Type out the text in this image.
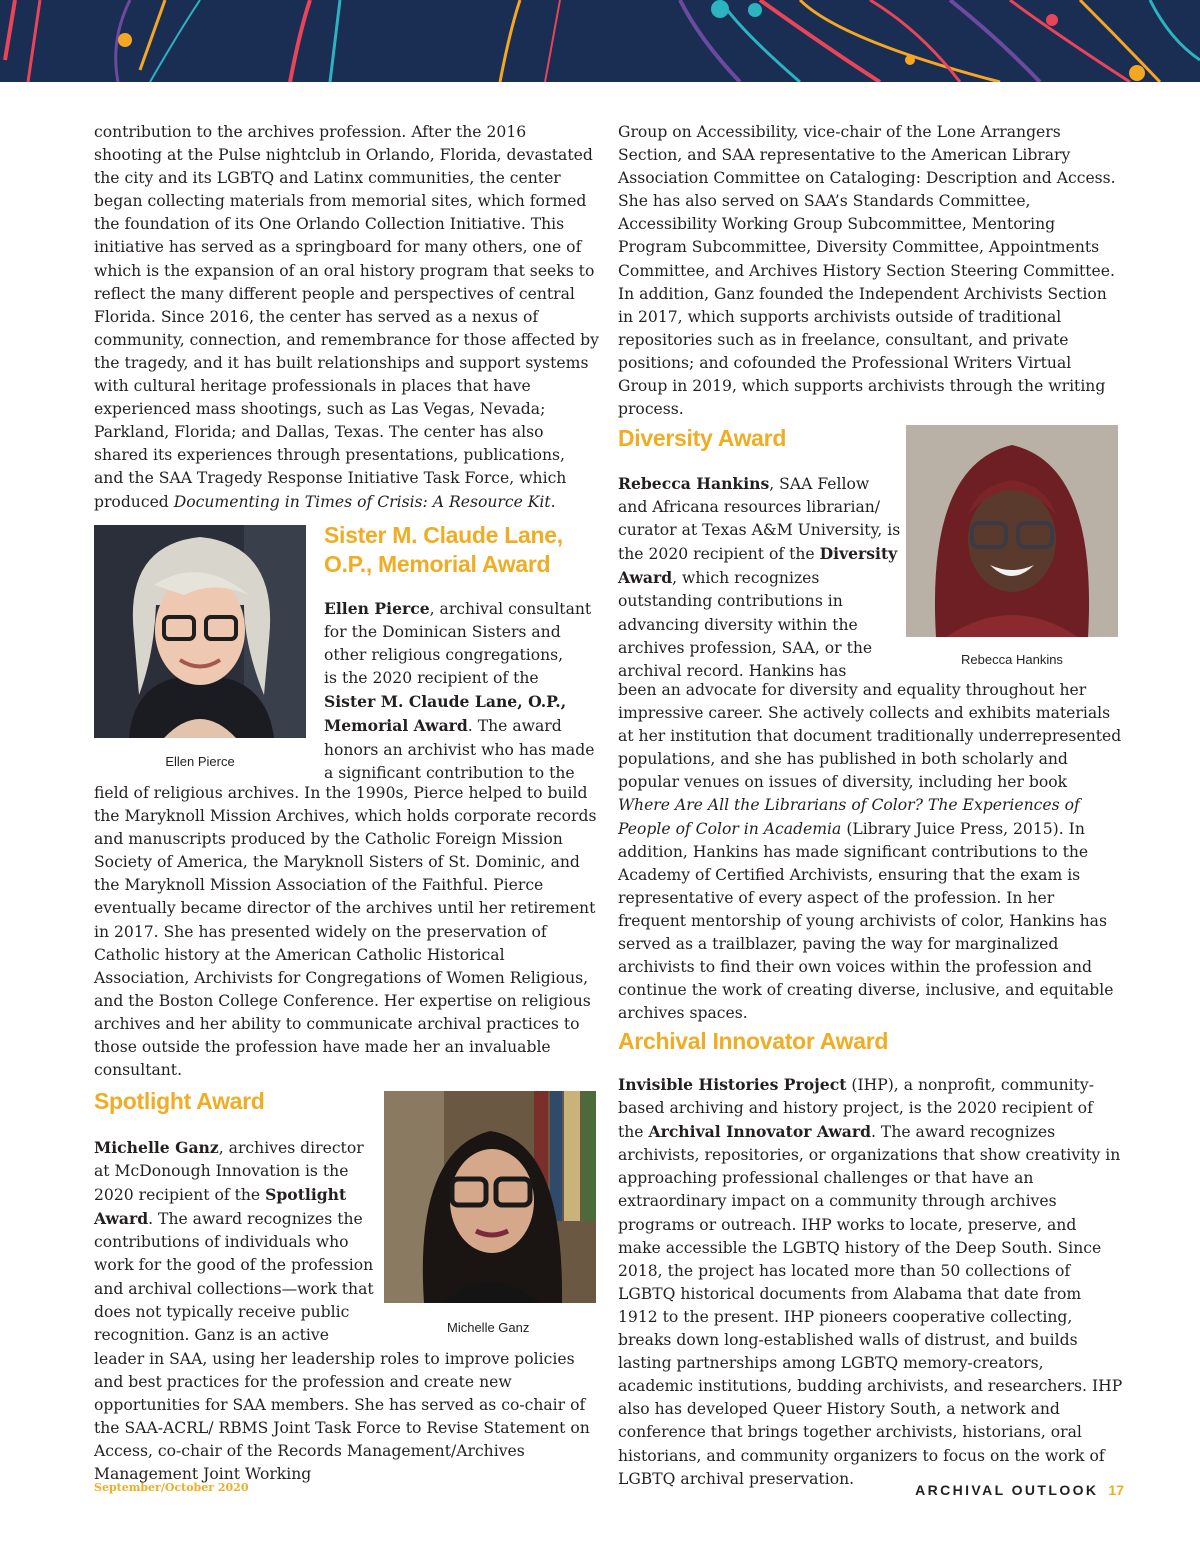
contribution to the archives profession. After the 2016 shooting at the Pulse nightclub in Orlando, Florida, devastated the city and its LGBTQ and Latinx communities, the center began collecting materials from memorial sites, which formed the foundation of its One Orlando Collection Initiative. This initiative has served as a springboard for many others, one of which is the expansion of an oral history program that seeks to reflect the many different people and perspectives of central Florida. Since 2016, the center has served as a nexus of community, connection, and remembrance for those affected by the tragedy, and it has built relationships and support systems with cultural heritage professionals in places that have experienced mass shootings, such as Las Vegas, Nevada; Parkland, Florida; and Dallas, Texas. The center has also shared its experiences through presentations, publications, and the SAA Tragedy Response Initiative Task Force, which produced Documenting in Times of Crisis: A Resource Kit.

Ellen Pierce

Sister M. Claude Lane,
O.P., Memorial Award
Ellen Pierce, archival consultant
for the Dominican Sisters and
other religious congregations,
is the 2020 recipient of the
Sister M. Claude Lane, O.P.,
Memorial Award. The award
honors an archivist who has made
a significant contribution to the

field of religious archives. In the 1990s, Pierce helped to build the Maryknoll Mission Archives, which holds corporate records and manuscripts produced by the Catholic Foreign Mission Society of America, the Maryknoll Sisters of St. Dominic, and the Maryknoll Mission Association of the Faithful. Pierce eventually became director of the archives until her retirement in 2017. She has presented widely on the preservation of Catholic history at the American Catholic Historical Association, Archivists for Congregations of Women Religious, and the Boston College Conference. Her expertise on religious archives and her ability to communicate archival practices to those outside the profession have made her an invaluable consultant.

Spotlight Award

Michelle Ganz

Michelle Ganz, archives director
at McDonough Innovation is the
2020 recipient of the Spotlight
Award. The award recognizes the
contributions of individuals who
work for the good of the profession
and archival collections—work that
does not typically receive public
recognition. Ganz is an active

leader in SAA, using her leadership roles to improve policies and best practices for the profession and create new opportunities for SAA members. She has served as co-chair of the SAA-ACRL/ RBMS Joint Task Force to Revise Statement on Access, co-chair of the Records Management/Archives Management Joint Working

Group on Accessibility, vice-chair of the Lone Arrangers Section, and SAA representative to the American Library Association Committee on Cataloging: Description and Access. She has also served on SAA’s Standards Committee, Accessibility Working Group Subcommittee, Mentoring Program Subcommittee, Diversity Committee, Appointments Committee, and Archives History Section Steering Committee. In addition, Ganz founded the Independent Archivists Section in 2017, which supports archivists outside of traditional repositories such as in freelance, consultant, and private positions; and cofounded the Professional Writers Virtual Group in 2019, which supports archivists through the writing process.

Diversity Award

Rebecca Hankins

Rebecca Hankins, SAA Fellow
and Africana resources librarian/
curator at Texas A&M University, is
the 2020 recipient of the Diversity
Award, which recognizes
outstanding contributions in
advancing diversity within the
archives profession, SAA, or the
archival record. Hankins has

been an advocate for diversity and equality throughout her impressive career. She actively collects and exhibits materials at her institution that document traditionally underrepresented populations, and she has published in both scholarly and popular venues on issues of diversity, including her book Where Are All the Librarians of Color? The Experiences of People of Color in Academia (Library Juice Press, 2015). In addition, Hankins has made significant contributions to the Academy of Certified Archivists, ensuring that the exam is representative of every aspect of the profession. In her frequent mentorship of young archivists of color, Hankins has served as a trailblazer, paving the way for marginalized archivists to find their own voices within the profession and continue the work of creating diverse, inclusive, and equitable archives spaces.

Archival Innovator Award

Invisible Histories Project (IHP), a nonprofit, community-based archiving and history project, is the 2020 recipient of the Archival Innovator Award. The award recognizes archivists, repositories, or organizations that show creativity in approaching professional challenges or that have an extraordinary impact on a community through archives programs or outreach. IHP works to locate, preserve, and make accessible the LGBTQ history of the Deep South. Since 2018, the project has located more than 50 collections of LGBTQ historical documents from Alabama that date from 1912 to the present. IHP pioneers cooperative collecting, breaks down long-established walls of distrust, and builds lasting partnerships among LGBTQ memory-creators, academic institutions, budding archivists, and researchers. IHP also has developed Queer History South, a network and conference that brings together archivists, historians, oral historians, and community organizers to focus on the work of LGBTQ archival preservation.

September/October 2020	ARCHIVAL OUTLOOK 17
